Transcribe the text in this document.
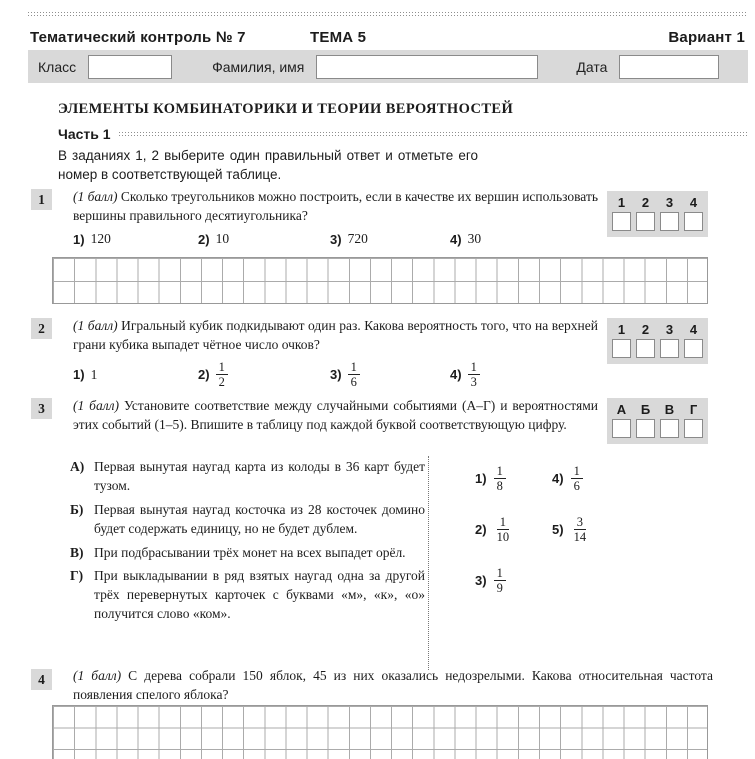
Тематический контроль № 7	ТЕМА 5	Вариант 1
Класс	Фамилия, имя	Дата
ЭЛЕМЕНТЫ КОМБИНАТОРИКИ И ТЕОРИИ ВЕРОЯТНОСТЕЙ
Часть 1
В заданиях 1, 2 выберите один правильный ответ и отметьте его номер в соответствующей таблице.
1	(1 балл) Сколько треугольников можно построить, если в качестве их вершин использовать вершины правильного десятиугольника?
1	2	3	4
1) 120	2) 10	3) 720	4) 30
2	(1 балл) Игральный кубик подкидывают один раз. Какова вероятность того, что на верхней грани кубика выпадет чётное число очков?
1	2	3	4
1) 1	$2) \frac{1}{2}$	$3) \frac{1}{6}$	$4) \frac{1}{3}$
3	(1 балл) Установите соответствие между случайными событиями (А–Г) и вероятностями этих событий (1–5). Впишите в таблицу под каждой буквой соответствующую цифру.
А	Б	В	Г
А) Первая вынутая наугад карта из колоды в 36 карт будет тузом.
Б) Первая вынутая наугад косточка из 28 косточек домино будет содержать единицу, но не будет дублем.
В) При подбрасывании трёх монет на всех выпадет орёл.
Г) При выкладывании в ряд взятых наугад одна за другой трёх перевернутых карточек с буквами «м», «к», «о» получится слово «ком».
$1) \frac{1}{8}$	$4) \frac{1}{6}$
$2) \frac{1}{10}$	$5) \frac{3}{14}$
$3) \frac{1}{9}$
4	(1 балл) С дерева собрали 150 яблок, 45 из них оказались недозрелыми. Какова относительная частота появления спелого яблока?
